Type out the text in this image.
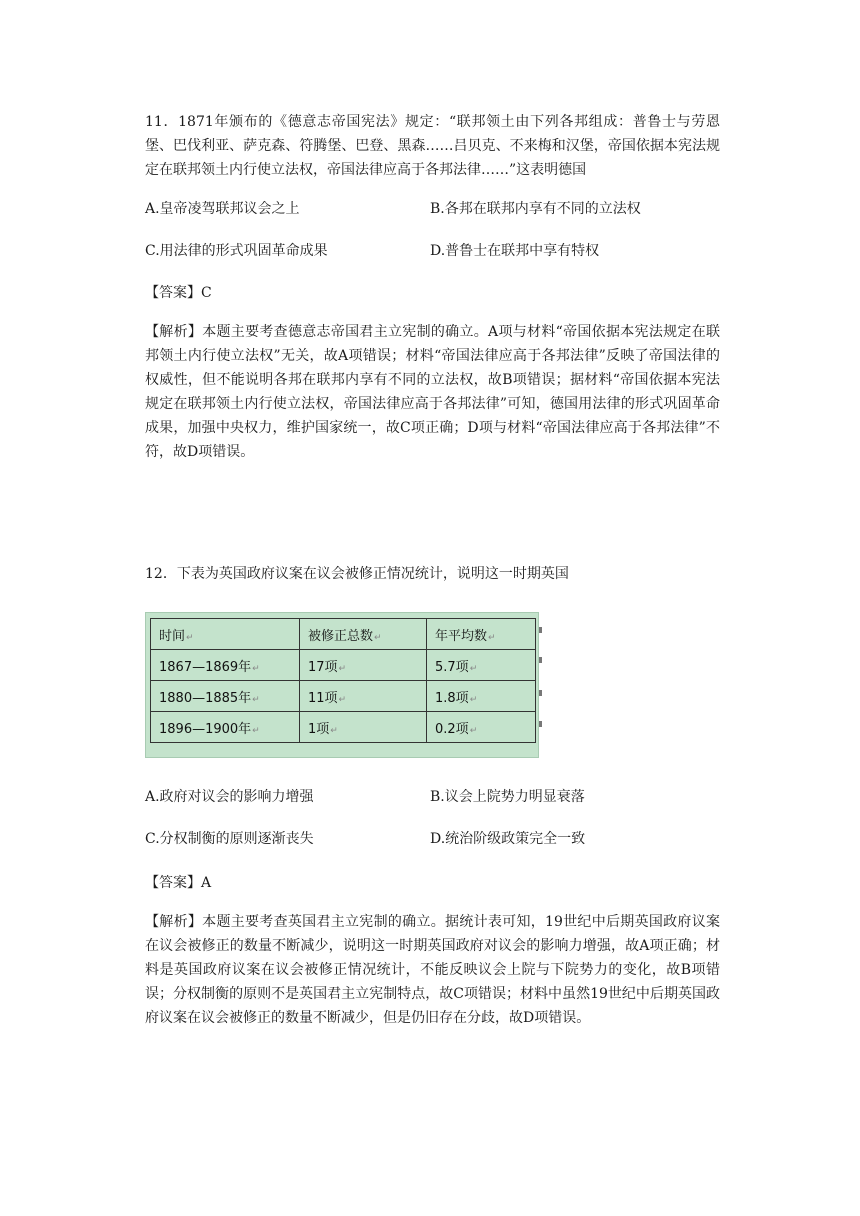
11．1871年颁布的《德意志帝国宪法》规定：“联邦领土由下列各邦组成：普鲁士与劳恩堡、巴伐利亚、萨克森、符腾堡、巴登、黑森……吕贝克、不来梅和汉堡，帝国依据本宪法规定在联邦领土内行使立法权，帝国法律应高于各邦法律……”这表明德国

A.皇帝凌驾联邦议会之上	B.各邦在联邦内享有不同的立法权

C.用法律的形式巩固革命成果	D.普鲁士在联邦中享有特权

【答案】C

【解析】本题主要考查德意志帝国君主立宪制的确立。A项与材料“帝国依据本宪法规定在联邦领土内行使立法权”无关，故A项错误；材料“帝国法律应高于各邦法律”反映了帝国法律的权威性，但不能说明各邦在联邦内享有不同的立法权，故B项错误；据材料“帝国依据本宪法规定在联邦领土内行使立法权，帝国法律应高于各邦法律”可知，德国用法律的形式巩固革命成果，加强中央权力，维护国家统一，故C项正确；D项与材料“帝国法律应高于各邦法律”不符，故D项错误。

12．下表为英国政府议案在议会被修正情况统计，说明这一时期英国

时间↵	被修正总数↵	年平均数↵
1867—1869年↵	17项↵	5.7项↵
1880—1885年↵	11项↵	1.8项↵
1896—1900年↵	1项↵	0.2项↵

A.政府对议会的影响力增强	B.议会上院势力明显衰落

C.分权制衡的原则逐渐丧失	D.统治阶级政策完全一致

【答案】A

【解析】本题主要考查英国君主立宪制的确立。据统计表可知，19世纪中后期英国政府议案在议会被修正的数量不断减少，说明这一时期英国政府对议会的影响力增强，故A项正确；材料是英国政府议案在议会被修正情况统计，不能反映议会上院与下院势力的变化，故B项错误；分权制衡的原则不是英国君主立宪制特点，故C项错误；材料中虽然19世纪中后期英国政府议案在议会被修正的数量不断减少，但是仍旧存在分歧，故D项错误。
